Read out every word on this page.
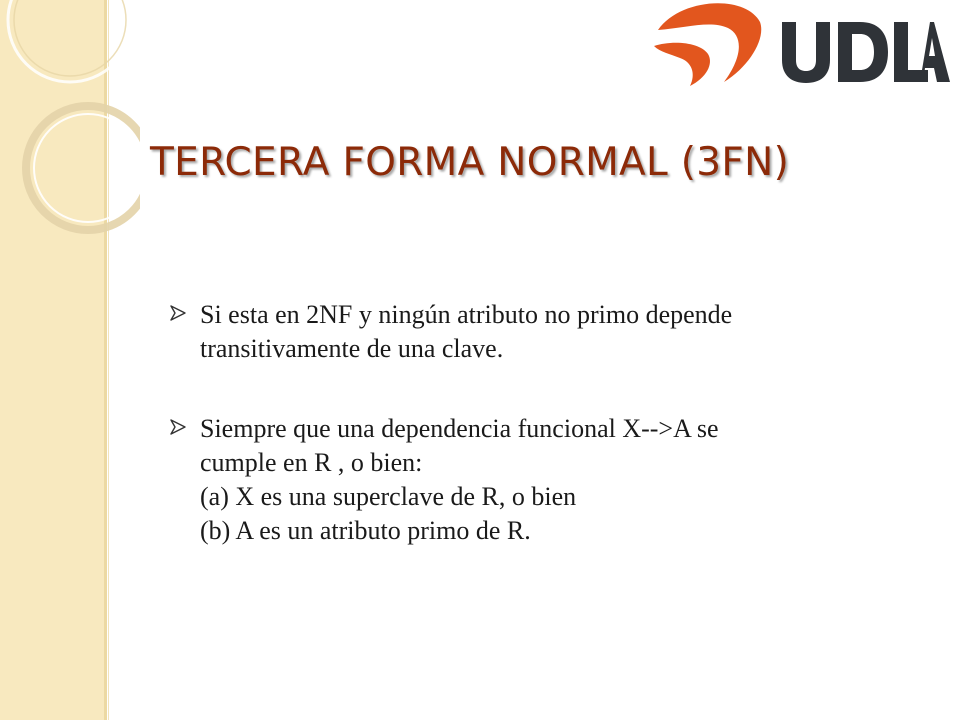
UDLA
TERCERA FORMA NORMAL (3FN)
Si esta en 2NF y ningún atributo no primo depende
transitivamente de una clave.
Siempre que una dependencia funcional X-->A se
cumple en R , o bien:
(a) X es una superclave de R, o bien
(b) A es un atributo primo de R.
